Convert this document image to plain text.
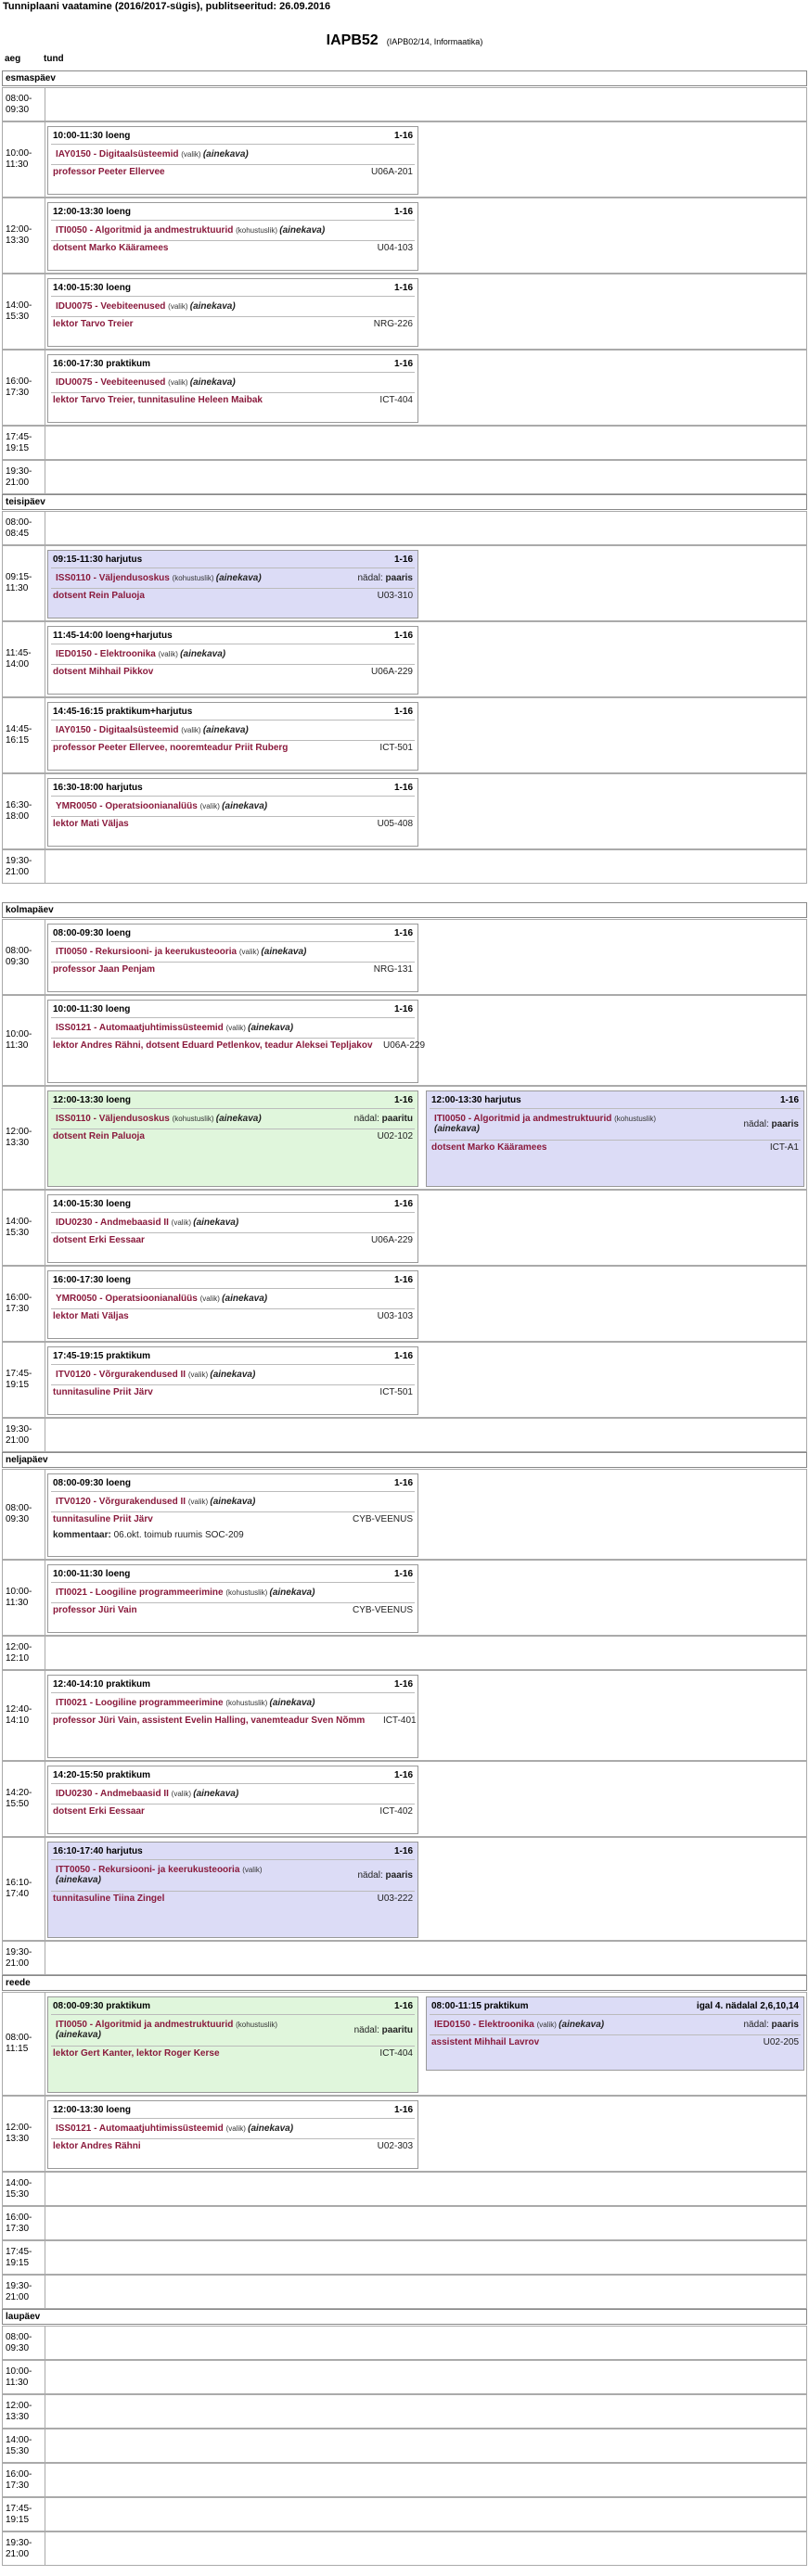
Tunniplaani vaatamine (2016/2017-sügis), publitseeritud: 26.09.2016
IAPB52 (IAPB02/14, Informaatika)
aeg tund
esmaspäev
08:00-
09:30
10:00-
11:30
10:00-11:30 loeng	1-16
IAY0150 - Digitaalsüsteemid (valik) (ainekava)
professor Peeter Ellervee	U06A-201
12:00-
13:30
12:00-13:30 loeng	1-16
ITI0050 - Algoritmid ja andmestruktuurid (kohustuslik) (ainekava)
dotsent Marko Kääramees	U04-103
14:00-
15:30
14:00-15:30 loeng	1-16
IDU0075 - Veebiteenused (valik) (ainekava)
lektor Tarvo Treier	NRG-226
16:00-
17:30
16:00-17:30 praktikum	1-16
IDU0075 - Veebiteenused (valik) (ainekava)
lektor Tarvo Treier, tunnitasuline Heleen Maibak	ICT-404
17:45-
19:15
19:30-
21:00
teisipäev
08:00-
08:45
09:15-
11:30
09:15-11:30 harjutus	1-16
ISS0110 - Väljendusoskus (kohustuslik) (ainekava)	nädal: paaris
dotsent Rein Paluoja	U03-310
11:45-
14:00
11:45-14:00 loeng+harjutus	1-16
IED0150 - Elektroonika (valik) (ainekava)
dotsent Mihhail Pikkov	U06A-229
14:45-
16:15
14:45-16:15 praktikum+harjutus	1-16
IAY0150 - Digitaalsüsteemid (valik) (ainekava)
professor Peeter Ellervee, nooremteadur Priit Ruberg	ICT-501
16:30-
18:00
16:30-18:00 harjutus	1-16
YMR0050 - Operatsioonianalüüs (valik) (ainekava)
lektor Mati Väljas	U05-408
19:30-
21:00
kolmapäev
08:00-
09:30
08:00-09:30 loeng	1-16
ITI0050 - Rekursiooni- ja keerukusteooria (valik) (ainekava)
professor Jaan Penjam	NRG-131
10:00-
11:30
10:00-11:30 loeng	1-16
ISS0121 - Automaatjuhtimissüsteemid (valik) (ainekava)
lektor Andres Rähni, dotsent Eduard Petlenkov, teadur Aleksei Tepljakov U06A-229
12:00-
13:30
12:00-13:30 loeng	1-16
ISS0110 - Väljendusoskus (kohustuslik) (ainekava)	nädal: paaritu
dotsent Rein Paluoja	U02-102
12:00-13:30 harjutus	1-16
ITI0050 - Algoritmid ja andmestruktuurid (kohustuslik)
(ainekava)	nädal: paaris
dotsent Marko Kääramees	ICT-A1
14:00-
15:30
14:00-15:30 loeng	1-16
IDU0230 - Andmebaasid II (valik) (ainekava)
dotsent Erki Eessaar	U06A-229
16:00-
17:30
16:00-17:30 loeng	1-16
YMR0050 - Operatsioonianalüüs (valik) (ainekava)
lektor Mati Väljas	U03-103
17:45-
19:15
17:45-19:15 praktikum	1-16
ITV0120 - Võrgurakendused II (valik) (ainekava)
tunnitasuline Priit Järv	ICT-501
19:30-
21:00
neljapäev
08:00-
09:30
08:00-09:30 loeng	1-16
ITV0120 - Võrgurakendused II (valik) (ainekava)
tunnitasuline Priit Järv	CYB-VEENUS
kommentaar: 06.okt. toimub ruumis SOC-209
10:00-
11:30
10:00-11:30 loeng	1-16
ITI0021 - Loogiline programmeerimine (kohustuslik) (ainekava)
professor Jüri Vain	CYB-VEENUS
12:00-
12:10
12:40-
14:10
12:40-14:10 praktikum	1-16
ITI0021 - Loogiline programmeerimine (kohustuslik) (ainekava)
professor Jüri Vain, assistent Evelin Halling, vanemteadur Sven Nõmm ICT-401
14:20-
15:50
14:20-15:50 praktikum	1-16
IDU0230 - Andmebaasid II (valik) (ainekava)
dotsent Erki Eessaar	ICT-402
16:10-
17:40
16:10-17:40 harjutus	1-16
ITT0050 - Rekursiooni- ja keerukusteooria (valik)
(ainekava)	nädal: paaris
tunnitasuline Tiina Zingel	U03-222
19:30-
21:00
reede
08:00-
11:15
08:00-09:30 praktikum	1-16
ITI0050 - Algoritmid ja andmestruktuurid (kohustuslik)
(ainekava)	nädal: paaritu
lektor Gert Kanter, lektor Roger Kerse	ICT-404
08:00-11:15 praktikum	igal 4. nädalal 2,6,10,14
IED0150 - Elektroonika (valik) (ainekava)	nädal: paaris
assistent Mihhail Lavrov	U02-205
12:00-
13:30
12:00-13:30 loeng	1-16
ISS0121 - Automaatjuhtimissüsteemid (valik) (ainekava)
lektor Andres Rähni	U02-303
14:00-
15:30
16:00-
17:30
17:45-
19:15
19:30-
21:00
laupäev
08:00-
09:30
10:00-
11:30
12:00-
13:30
14:00-
15:30
16:00-
17:30
17:45-
19:15
19:30-
21:00
